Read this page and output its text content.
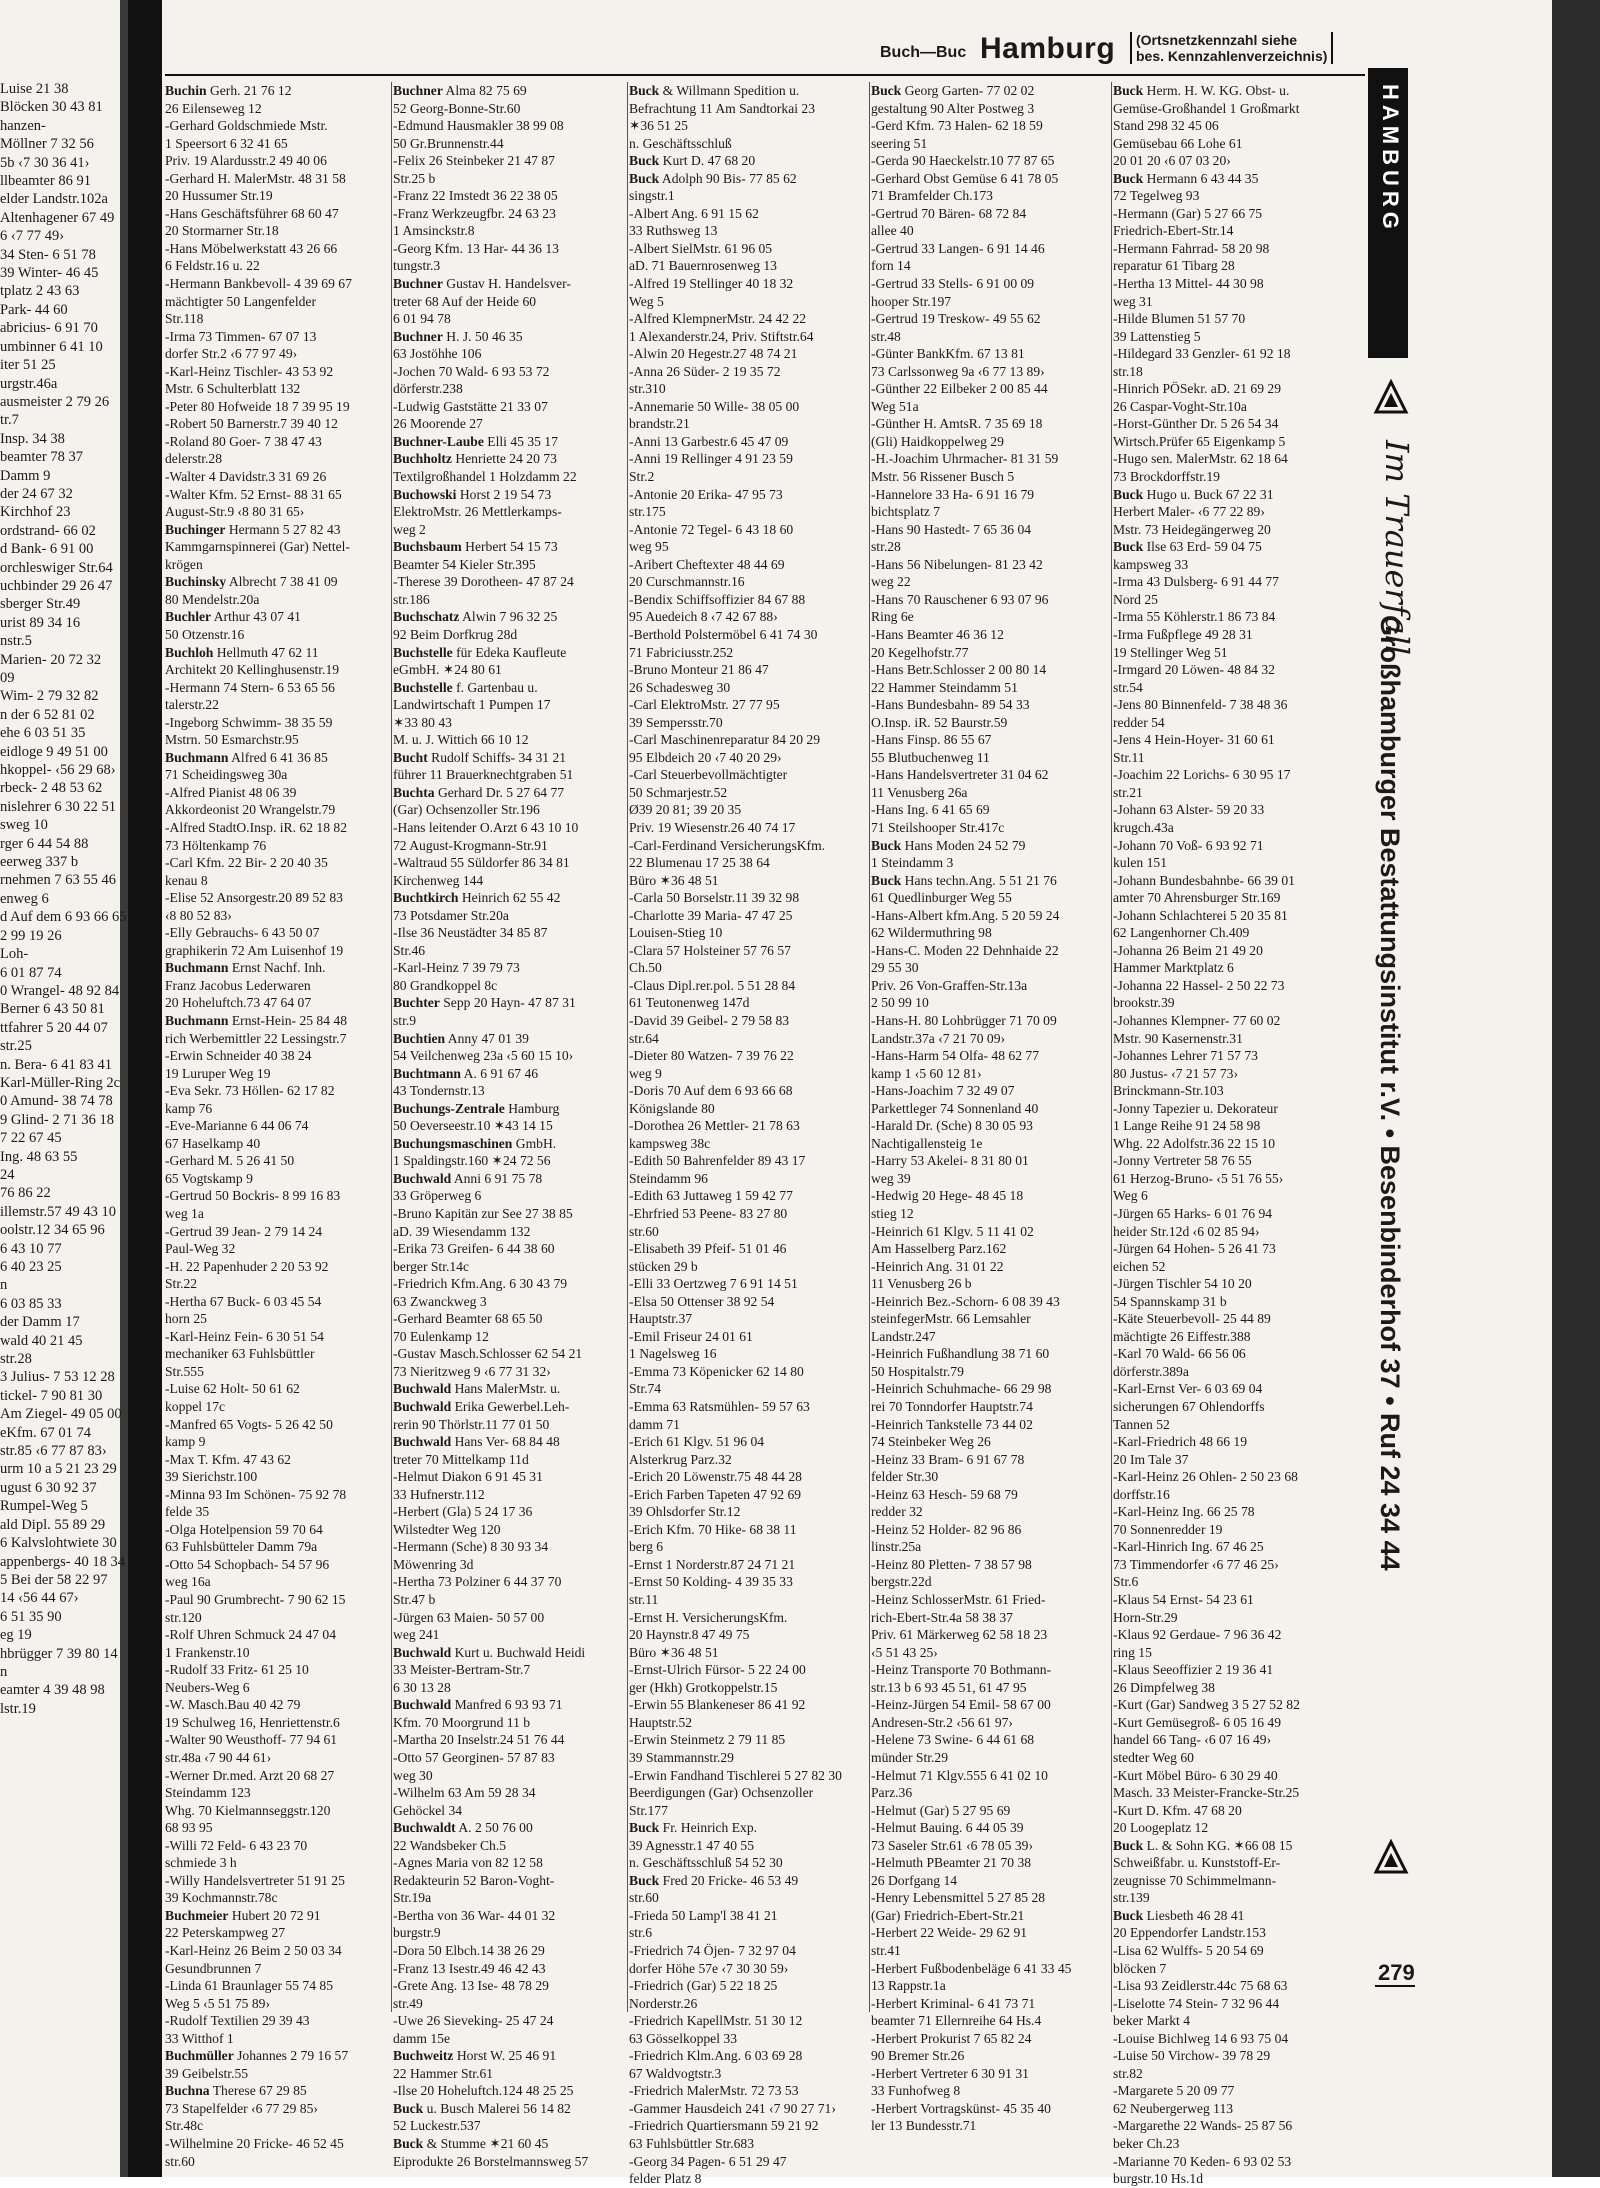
Luise 21 38
Blöcken 30 43 81
hanzen-
Möllner 7 32 56
5b ‹7 30 36 41›
llbeamter 86 91
elder Landstr.102a
Altenhagener 67 49
6 ‹7 77 49›
34 Sten- 6 51 78
39 Winter- 46 45
tplatz 2 43 63
Park- 44 60
abricius- 6 91 70
umbinner 6 41 10
iter 51 25
urgstr.46a
ausmeister 2 79 26
tr.7
Insp. 34 38
beamter 78 37
Damm 9
der 24 67 32
Kirchhof 23
ordstrand- 66 02
d Bank- 6 91 00
orchleswiger Str.64
uchbinder 29 26 47
sberger Str.49
urist 89 34 16
nstr.5
Marien- 20 72 32
09
Wim- 2 79 32 82
n der 6 52 81 02
ehe 6 03 51 35
eidloge 9 49 51 00
hkoppel- ‹56 29 68›
rbeck- 2 48 53 62
nislehrer 6 30 22 51
sweg 10
rger 6 44 54 88
eerweg 337 b
rnehmen 7 63 55 46
enweg 6
d Auf dem 6 93 66 65
2 99 19 26
Loh-
6 01 87 74
0 Wrangel- 48 92 84
Berner 6 43 50 81
ttfahrer 5 20 44 07
str.25
n. Bera- 6 41 83 41
Karl-Müller-Ring 2c
0 Amund- 38 74 78
9 Glind- 2 71 36 18
7 22 67 45
Ing. 48 63 55
24
76 86 22
illemstr.57 49 43 10
oolstr.12 34 65 96
6 43 10 77
6 40 23 25
n
6 03 85 33
der Damm 17
wald 40 21 45
str.28
3 Julius- 7 53 12 28
tickel- 7 90 81 30
Am Ziegel- 49 05 00
eKfm. 67 01 74
str.85 ‹6 77 87 83›
urm 10 a 5 21 23 29
ugust 6 30 92 37
Rumpel-Weg 5
ald Dipl. 55 89 29
6 Kalvslohtwiete 30
appenbergs- 40 18 34
5 Bei der 58 22 97
14 ‹56 44 67›
6 51 35 90
eg 19
hbrügger 7 39 80 14
n
eamter 4 39 48 98
lstr.19
Buch—Buc Hamburg	(Ortsnetzkennzahl siehe
bes. Kennzahlenverzeichnis)
Buchin Gerh. 21 76 12
26 Eilenseweg 12
-Gerhard Goldschmiede Mstr.
1 Speersort 6 32 41 65
Priv. 19 Alardusstr.2 49 40 06
-Gerhard H. MalerMstr. 48 31 58
20 Hussumer Str.19
-Hans Geschäftsführer 68 60 47
20 Stormarner Str.18
-Hans Möbelwerkstatt 43 26 66
6 Feldstr.16 u. 22
-Hermann Bankbevoll- 4 39 69 67
mächtigter 50 Langenfelder
Str.118
-Irma 73 Timmen- 67 07 13
dorfer Str.2 ‹6 77 97 49›
-Karl-Heinz Tischler- 43 53 92
Mstr. 6 Schulterblatt 132
-Peter 80 Hofweide 18 7 39 95 19
-Robert 50 Barnerstr.7 39 40 12
-Roland 80 Goer- 7 38 47 43
delerstr.28
-Walter 4 Davidstr.3 31 69 26
-Walter Kfm. 52 Ernst- 88 31 65
August-Str.9 ‹8 80 31 65›
Buchinger Hermann 5 27 82 43
Kammgarnspinnerei (Gar) Nettel-
krögen
Buchinsky Albrecht 7 38 41 09
80 Mendelstr.20a
Buchler Arthur 43 07 41
50 Otzenstr.16
Buchloh Hellmuth 47 62 11
Architekt 20 Kellinghusenstr.19
-Hermann 74 Stern- 6 53 65 56
talerstr.22
-Ingeborg Schwimm- 38 35 59
Mstrn. 50 Esmarchstr.95
Buchmann Alfred 6 41 36 85
71 Scheidingsweg 30a
-Alfred Pianist 48 06 39
Akkordeonist 20 Wrangelstr.79
-Alfred StadtO.Insp. iR. 62 18 82
73 Höltenkamp 76
-Carl Kfm. 22 Bir- 2 20 40 35
kenau 8
-Elise 52 Ansorgestr.20 89 52 83
‹8 80 52 83›
-Elly Gebrauchs- 6 43 50 07
graphikerin 72 Am Luisenhof 19
Buchmann Ernst Nachf. Inh.
Franz Jacobus Lederwaren
20 Hoheluftch.73 47 64 07
Buchmann Ernst-Hein- 25 84 48
rich Werbemittler 22 Lessingstr.7
-Erwin Schneider 40 38 24
19 Luruper Weg 19
-Eva Sekr. 73 Höllen- 62 17 82
kamp 76
-Eve-Marianne 6 44 06 74
67 Haselkamp 40
-Gerhard M. 5 26 41 50
65 Vogtskamp 9
-Gertrud 50 Bockris- 8 99 16 83
weg 1a
-Gertrud 39 Jean- 2 79 14 24
Paul-Weg 32
-H. 22 Papenhuder 2 20 53 92
Str.22
-Hertha 67 Buck- 6 03 45 54
horn 25
-Karl-Heinz Fein- 6 30 51 54
mechaniker 63 Fuhlsbüttler
Str.555
-Luise 62 Holt- 50 61 62
koppel 17c
-Manfred 65 Vogts- 5 26 42 50
kamp 9
-Max T. Kfm. 47 43 62
39 Sierichstr.100
-Minna 93 Im Schönen- 75 92 78
felde 35
-Olga Hotelpension 59 70 64
63 Fuhlsbütteler Damm 79a
-Otto 54 Schopbach- 54 57 96
weg 16a
-Paul 90 Grumbrecht- 7 90 62 15
str.120
-Rolf Uhren Schmuck 24 47 04
1 Frankenstr.10
-Rudolf 33 Fritz- 61 25 10
Neubers-Weg 6
-W. Masch.Bau 40 42 79
19 Schulweg 16, Henriettenstr.6
-Walter 90 Weusthoff- 77 94 61
str.48a ‹7 90 44 61›
-Werner Dr.med. Arzt 20 68 27
Steindamm 123
Whg. 70 Kielmannseggstr.120
68 93 95
-Willi 72 Feld- 6 43 23 70
schmiede 3 h
-Willy Handelsvertreter 51 91 25
39 Kochmannstr.78c
Buchmeier Hubert 20 72 91
22 Peterskampweg 27
-Karl-Heinz 26 Beim 2 50 03 34
Gesundbrunnen 7
-Linda 61 Braunlager 55 74 85
Weg 5 ‹5 51 75 89›
-Rudolf Textilien 29 39 43
33 Witthof 1
Buchmüller Johannes 2 79 16 57
39 Geibelstr.55
Buchna Therese 67 29 85
73 Stapelfelder ‹6 77 29 85›
Str.48c
-Wilhelmine 20 Fricke- 46 52 45
str.60
Buchner Alma 82 75 69
52 Georg-Bonne-Str.60
-Edmund Hausmakler 38 99 08
50 Gr.Brunnenstr.44
-Felix 26 Steinbeker 21 47 87
Str.25 b
-Franz 22 Imstedt 36 22 38 05
-Franz Werkzeugfbr. 24 63 23
1 Amsinckstr.8
-Georg Kfm. 13 Har- 44 36 13
tungstr.3
Buchner Gustav H. Handelsver-
treter 68 Auf der Heide 60
6 01 94 78
Buchner H. J. 50 46 35
63 Jostöhhe 106
-Jochen 70 Wald- 6 93 53 72
dörferstr.238
-Ludwig Gaststätte 21 33 07
26 Moorende 27
Buchner-Laube Elli 45 35 17
Buchholtz Henriette 24 20 73
Textilgroßhandel 1 Holzdamm 22
Buchowski Horst 2 19 54 73
ElektroMstr. 26 Mettlerkamps-
weg 2
Buchsbaum Herbert 54 15 73
Beamter 54 Kieler Str.395
-Therese 39 Dorotheen- 47 87 24
str.186
Buchschatz Alwin 7 96 32 25
92 Beim Dorfkrug 28d
Buchstelle für Edeka Kaufleute
eGmbH. ✶24 80 61
Buchstelle f. Gartenbau u.
Landwirtschaft 1 Pumpen 17
✶33 80 43
M. u. J. Wittich 66 10 12
Bucht Rudolf Schiffs- 34 31 21
führer 11 Brauerknechtgraben 51
Buchta Gerhard Dr. 5 27 64 77
(Gar) Ochsenzoller Str.196
-Hans leitender O.Arzt 6 43 10 10
72 August-Krogmann-Str.91
-Waltraud 55 Süldorfer 86 34 81
Kirchenweg 144
Buchtkirch Heinrich 62 55 42
73 Potsdamer Str.20a
-Ilse 36 Neustädter 34 85 87
Str.46
-Karl-Heinz 7 39 79 73
80 Grandkoppel 8c
Buchter Sepp 20 Hayn- 47 87 31
str.9
Buchtien Anny 47 01 39
54 Veilchenweg 23a ‹5 60 15 10›
Buchtmann A. 6 91 67 46
43 Tondernstr.13
Buchungs-Zentrale Hamburg
50 Oeverseestr.10 ✶43 14 15
Buchungsmaschinen GmbH.
1 Spaldingstr.160 ✶24 72 56
Buchwald Anni 6 91 75 78
33 Gröperweg 6
-Bruno Kapitän zur See 27 38 85
aD. 39 Wiesendamm 132
-Erika 73 Greifen- 6 44 38 60
berger Str.14c
-Friedrich Kfm.Ang. 6 30 43 79
63 Zwanckweg 3
-Gerhard Beamter 68 65 50
70 Eulenkamp 12
-Gustav Masch.Schlosser 62 54 21
73 Nieritzweg 9 ‹6 77 31 32›
Buchwald Hans MalerMstr. u.
Buchwald Erika Gewerbel.Leh-
rerin 90 Thörlstr.11 77 01 50
Buchwald Hans Ver- 68 84 48
treter 70 Mittelkamp 11d
-Helmut Diakon 6 91 45 31
33 Hufnerstr.112
-Herbert (Gla) 5 24 17 36
Wilstedter Weg 120
-Hermann (Sche) 8 30 93 34
Möwenring 3d
-Hertha 73 Polziner 6 44 37 70
Str.47 b
-Jürgen 63 Maien- 50 57 00
weg 241
Buchwald Kurt u. Buchwald Heidi
33 Meister-Bertram-Str.7
6 30 13 28
Buchwald Manfred 6 93 93 71
Kfm. 70 Moorgrund 11 b
-Martha 20 Inselstr.24 51 76 44
-Otto 57 Georginen- 57 87 83
weg 30
-Wilhelm 63 Am 59 28 34
Gehöckel 34
Buchwaldt A. 2 50 76 00
22 Wandsbeker Ch.5
-Agnes Maria von 82 12 58
Redakteurin 52 Baron-Voght-
Str.19a
-Bertha von 36 War- 44 01 32
burgstr.9
-Dora 50 Elbch.14 38 26 29
-Franz 13 Isestr.49 46 42 43
-Grete Ang. 13 Ise- 48 78 29
str.49
-Uwe 26 Sieveking- 25 47 24
damm 15e
Buchweitz Horst W. 25 46 91
22 Hammer Str.61
-Ilse 20 Hoheluftch.124 48 25 25
Buck u. Busch Malerei 56 14 82
52 Luckestr.537
Buck & Stumme ✶21 60 45
Eiprodukte 26 Borstelmannsweg 57
Buck & Willmann Spedition u.
Befrachtung 11 Am Sandtorkai 23
✶36 51 25
n. Geschäftsschluß
Buck Kurt D. 47 68 20
Buck Adolph 90 Bis- 77 85 62
singstr.1
-Albert Ang. 6 91 15 62
33 Ruthsweg 13
-Albert SielMstr. 61 96 05
aD. 71 Bauernrosenweg 13
-Alfred 19 Stellinger 40 18 32
Weg 5
-Alfred KlempnerMstr. 24 42 22
1 Alexanderstr.24, Priv. Stiftstr.64
-Alwin 20 Hegestr.27 48 74 21
-Anna 26 Süder- 2 19 35 72
str.310
-Annemarie 50 Wille- 38 05 00
brandstr.21
-Anni 13 Garbestr.6 45 47 09
-Anni 19 Rellinger 4 91 23 59
Str.2
-Antonie 20 Erika- 47 95 73
str.175
-Antonie 72 Tegel- 6 43 18 60
weg 95
-Aribert Cheftexter 48 44 69
20 Curschmannstr.16
-Bendix Schiffsoffizier 84 67 88
95 Auedeich 8 ‹7 42 67 88›
-Berthold Polstermöbel 6 41 74 30
71 Fabriciusstr.252
-Bruno Monteur 21 86 47
26 Schadesweg 30
-Carl ElektroMstr. 27 77 95
39 Sempersstr.70
-Carl Maschinenreparatur 84 20 29
95 Elbdeich 20 ‹7 40 20 29›
-Carl Steuerbevollmächtigter
50 Schmarjestr.52
Ø39 20 81; 39 20 35
Priv. 19 Wiesenstr.26 40 74 17
-Carl-Ferdinand VersicherungsKfm.
22 Blumenau 17 25 38 64
Büro ✶36 48 51
-Carla 50 Borselstr.11 39 32 98
-Charlotte 39 Maria- 47 47 25
Louisen-Stieg 10
-Clara 57 Holsteiner 57 76 57
Ch.50
-Claus Dipl.rer.pol. 5 51 28 84
61 Teutonenweg 147d
-David 39 Geibel- 2 79 58 83
str.64
-Dieter 80 Watzen- 7 39 76 22
weg 9
-Doris 70 Auf dem 6 93 66 68
Königslande 80
-Dorothea 26 Mettler- 21 78 63
kampsweg 38c
-Edith 50 Bahrenfelder 89 43 17
Steindamm 96
-Edith 63 Juttaweg 1 59 42 77
-Ehrfried 53 Peene- 83 27 80
str.60
-Elisabeth 39 Pfeif- 51 01 46
stücken 29 b
-Elli 33 Oertzweg 7 6 91 14 51
-Elsa 50 Ottenser 38 92 54
Hauptstr.37
-Emil Friseur 24 01 61
1 Nagelsweg 16
-Emma 73 Köpenicker 62 14 80
Str.74
-Emma 63 Ratsmühlen- 59 57 63
damm 71
-Erich 61 Klgv. 51 96 04
Alsterkrug Parz.32
-Erich 20 Löwenstr.75 48 44 28
-Erich Farben Tapeten 47 92 69
39 Ohlsdorfer Str.12
-Erich Kfm. 70 Hike- 68 38 11
berg 6
-Ernst 1 Norderstr.87 24 71 21
-Ernst 50 Kolding- 4 39 35 33
str.11
-Ernst H. VersicherungsKfm.
20 Haynstr.8 47 49 75
Büro ✶36 48 51
-Ernst-Ulrich Fürsor- 5 22 24 00
ger (Hkh) Grotkoppelstr.15
-Erwin 55 Blankeneser 86 41 92
Hauptstr.52
-Erwin Steinmetz 2 79 11 85
39 Stammannstr.29
-Erwin Fandhand Tischlerei 5 27 82 30
Beerdigungen (Gar) Ochsenzoller
Str.177
Buck Fr. Heinrich Exp.
39 Agnesstr.1 47 40 55
n. Geschäftsschluß 54 52 30
Buck Fred 20 Fricke- 46 53 49
str.60
-Frieda 50 Lamp'l 38 41 21
str.6
-Friedrich 74 Öjen- 7 32 97 04
dorfer Höhe 57e ‹7 30 30 59›
-Friedrich (Gar) 5 22 18 25
Norderstr.26
-Friedrich KapellMstr. 51 30 12
63 Gösselkoppel 33
-Friedrich Klm.Ang. 6 03 69 28
67 Waldvogtstr.3
-Friedrich MalerMstr. 72 73 53
-Gammer Hausdeich 241 ‹7 90 27 71›
-Friedrich Quartiersmann 59 21 92
63 Fuhlsbüttler Str.683
-Georg 34 Pagen- 6 51 29 47
felder Platz 8
Buck Georg Garten- 77 02 02
gestaltung 90 Alter Postweg 3
-Gerd Kfm. 73 Halen- 62 18 59
seering 51
-Gerda 90 Haeckelstr.10 77 87 65
-Gerhard Obst Gemüse 6 41 78 05
71 Bramfelder Ch.173
-Gertrud 70 Bären- 68 72 84
allee 40
-Gertrud 33 Langen- 6 91 14 46
forn 14
-Gertrud 33 Stells- 6 91 00 09
hooper Str.197
-Gertrud 19 Treskow- 49 55 62
str.48
-Günter BankKfm. 67 13 81
73 Carlssonweg 9a ‹6 77 13 89›
-Günther 22 Eilbeker 2 00 85 44
Weg 51a
-Günther H. AmtsR. 7 35 69 18
(Gli) Haidkoppelweg 29
-H.-Joachim Uhrmacher- 81 31 59
Mstr. 56 Rissener Busch 5
-Hannelore 33 Ha- 6 91 16 79
bichtsplatz 7
-Hans 90 Hastedt- 7 65 36 04
str.28
-Hans 56 Nibelungen- 81 23 42
weg 22
-Hans 70 Rauschener 6 93 07 96
Ring 6e
-Hans Beamter 46 36 12
20 Kegelhofstr.77
-Hans Betr.Schlosser 2 00 80 14
22 Hammer Steindamm 51
-Hans Bundesbahn- 89 54 33
O.Insp. iR. 52 Baurstr.59
-Hans Finsp. 86 55 67
55 Blutbuchenweg 11
-Hans Handelsvertreter 31 04 62
11 Venusberg 26a
-Hans Ing. 6 41 65 69
71 Steilshooper Str.417c
Buck Hans Moden 24 52 79
1 Steindamm 3
Buck Hans techn.Ang. 5 51 21 76
61 Quedlinburger Weg 55
-Hans-Albert kfm.Ang. 5 20 59 24
62 Wildermuthring 98
-Hans-C. Moden 22 Dehnhaide 22
29 55 30
Priv. 26 Von-Graffen-Str.13a
2 50 99 10
-Hans-H. 80 Lohbrügger 71 70 09
Landstr.37a ‹7 21 70 09›
-Hans-Harm 54 Olfa- 48 62 77
kamp 1 ‹5 60 12 81›
-Hans-Joachim 7 32 49 07
Parkettleger 74 Sonnenland 40
-Harald Dr. (Sche) 8 30 05 93
Nachtigallensteig 1e
-Harry 53 Akelei- 8 31 80 01
weg 39
-Hedwig 20 Hege- 48 45 18
stieg 12
-Heinrich 61 Klgv. 5 11 41 02
Am Hasselberg Parz.162
-Heinrich Ang. 31 01 22
11 Venusberg 26 b
-Heinrich Bez.-Schorn- 6 08 39 43
steinfegerMstr. 66 Lemsahler
Landstr.247
-Heinrich Fußhandlung 38 71 60
50 Hospitalstr.79
-Heinrich Schuhmache- 66 29 98
rei 70 Tonndorfer Hauptstr.74
-Heinrich Tankstelle 73 44 02
74 Steinbeker Weg 26
-Heinz 33 Bram- 6 91 67 78
felder Str.30
-Heinz 63 Hesch- 59 68 79
redder 32
-Heinz 52 Holder- 82 96 86
linstr.25a
-Heinz 80 Pletten- 7 38 57 98
bergstr.22d
-Heinz SchlosserMstr. 61 Fried-
rich-Ebert-Str.4a 58 38 37
Priv. 61 Märkerweg 62 58 18 23
‹5 51 43 25›
-Heinz Transporte 70 Bothmann-
str.13 b 6 93 45 51, 61 47 95
-Heinz-Jürgen 54 Emil- 58 67 00
Andresen-Str.2 ‹56 61 97›
-Helene 73 Swine- 6 44 61 68
münder Str.29
-Helmut 71 Klgv.555 6 41 02 10
Parz.36
-Helmut (Gar) 5 27 95 69
-Helmut Bauing. 6 44 05 39
73 Saseler Str.61 ‹6 78 05 39›
-Helmuth PBeamter 21 70 38
26 Dorfgang 14
-Henry Lebensmittel 5 27 85 28
(Gar) Friedrich-Ebert-Str.21
-Herbert 22 Weide- 29 62 91
str.41
-Herbert Fußbodenbeläge 6 41 33 45
13 Rappstr.1a
-Herbert Kriminal- 6 41 73 71
beamter 71 Ellernreihe 64 Hs.4
-Herbert Prokurist 7 65 82 24
90 Bremer Str.26
-Herbert Vertreter 6 30 91 31
33 Funhofweg 8
-Herbert Vortragskünst- 45 35 40
ler 13 Bundesstr.71
Buck Herm. H. W. KG. Obst- u.
Gemüse-Großhandel 1 Großmarkt
Stand 298 32 45 06
Gemüsebau 66 Lohe 61
20 01 20 ‹6 07 03 20›
Buck Hermann 6 43 44 35
72 Tegelweg 93
-Hermann (Gar) 5 27 66 75
Friedrich-Ebert-Str.14
-Hermann Fahrrad- 58 20 98
reparatur 61 Tibarg 28
-Hertha 13 Mittel- 44 30 98
weg 31
-Hilde Blumen 51 57 70
39 Lattenstieg 5
-Hildegard 33 Genzler- 61 92 18
str.18
-Hinrich PÖSekr. aD. 21 69 29
26 Caspar-Voght-Str.10a
-Horst-Günther Dr. 5 26 54 34
Wirtsch.Prüfer 65 Eigenkamp 5
-Hugo sen. MalerMstr. 62 18 64
73 Brockdorffstr.19
Buck Hugo u. Buck 67 22 31
Herbert Maler- ‹6 77 22 89›
Mstr. 73 Heidegängerweg 20
Buck Ilse 63 Erd- 59 04 75
kampsweg 33
-Irma 43 Dulsberg- 6 91 44 77
Nord 25
-Irma 55 Köhlerstr.1 86 73 84
-Irma Fußpflege 49 28 31
19 Stellinger Weg 51
-Irmgard 20 Löwen- 48 84 32
str.54
-Jens 80 Binnenfeld- 7 38 48 36
redder 54
-Jens 4 Hein-Hoyer- 31 60 61
Str.11
-Joachim 22 Lorichs- 6 30 95 17
str.21
-Johann 63 Alster- 59 20 33
krugch.43a
-Johann 70 Voß- 6 93 92 71
kulen 151
-Johann Bundesbahnbe- 66 39 01
amter 70 Ahrensburger Str.169
-Johann Schlachterei 5 20 35 81
62 Langenhorner Ch.409
-Johanna 26 Beim 21 49 20
Hammer Marktplatz 6
-Johanna 22 Hassel- 2 50 22 73
brookstr.39
-Johannes Klempner- 77 60 02
Mstr. 90 Kasernenstr.31
-Johannes Lehrer 71 57 73
80 Justus- ‹7 21 57 73›
Brinckmann-Str.103
-Jonny Tapezier u. Dekorateur
1 Lange Reihe 91 24 58 98
Whg. 22 Adolfstr.36 22 15 10
-Jonny Vertreter 58 76 55
61 Herzog-Bruno- ‹5 51 76 55›
Weg 6
-Jürgen 65 Harks- 6 01 76 94
heider Str.12d ‹6 02 85 94›
-Jürgen 64 Hohen- 5 26 41 73
eichen 52
-Jürgen Tischler 54 10 20
54 Spannskamp 31 b
-Käte Steuerbevoll- 25 44 89
mächtigte 26 Eiffestr.388
-Karl 70 Wald- 66 56 06
dörferstr.389a
-Karl-Ernst Ver- 6 03 69 04
sicherungen 67 Ohlendorffs
Tannen 52
-Karl-Friedrich 48 66 19
20 Im Tale 37
-Karl-Heinz 26 Ohlen- 2 50 23 68
dorffstr.16
-Karl-Heinz Ing. 66 25 78
70 Sonnenredder 19
-Karl-Hinrich Ing. 67 46 25
73 Timmendorfer ‹6 77 46 25›
Str.6
-Klaus 54 Ernst- 54 23 61
Horn-Str.29
-Klaus 92 Gerdaue- 7 96 36 42
ring 15
-Klaus Seeoffizier 2 19 36 41
26 Dimpfelweg 38
-Kurt (Gar) Sandweg 3 5 27 52 82
-Kurt Gemüsegroß- 6 05 16 49
handel 66 Tang- ‹6 07 16 49›
stedter Weg 60
-Kurt Möbel Büro- 6 30 29 40
Masch. 33 Meister-Francke-Str.25
-Kurt D. Kfm. 47 68 20
20 Loogeplatz 12
Buck L. & Sohn KG. ✶66 08 15
Schweißfabr. u. Kunststoff-Er-
zeugnisse 70 Schimmelmann-
str.139
Buck Liesbeth 46 28 41
20 Eppendorfer Landstr.153
-Lisa 62 Wulffs- 5 20 54 69
blöcken 7
-Lisa 93 Zeidlerstr.44c 75 68 63
-Liselotte 74 Stein- 7 32 96 44
beker Markt 4
-Louise Bichlweg 14 6 93 75 04
-Luise 50 Virchow- 39 78 29
str.82
-Margarete 5 20 09 77
62 Neubergerweg 113
-Margarethe 22 Wands- 25 87 56
beker Ch.23
-Marianne 70 Keden- 6 93 02 53
burgstr.10 Hs.1d
HAMBURG
Im Trauerfall
Großhamburger Bestattungsinstitut r.V. • Besenbinderhof 37 • Ruf 24 34 44
279
